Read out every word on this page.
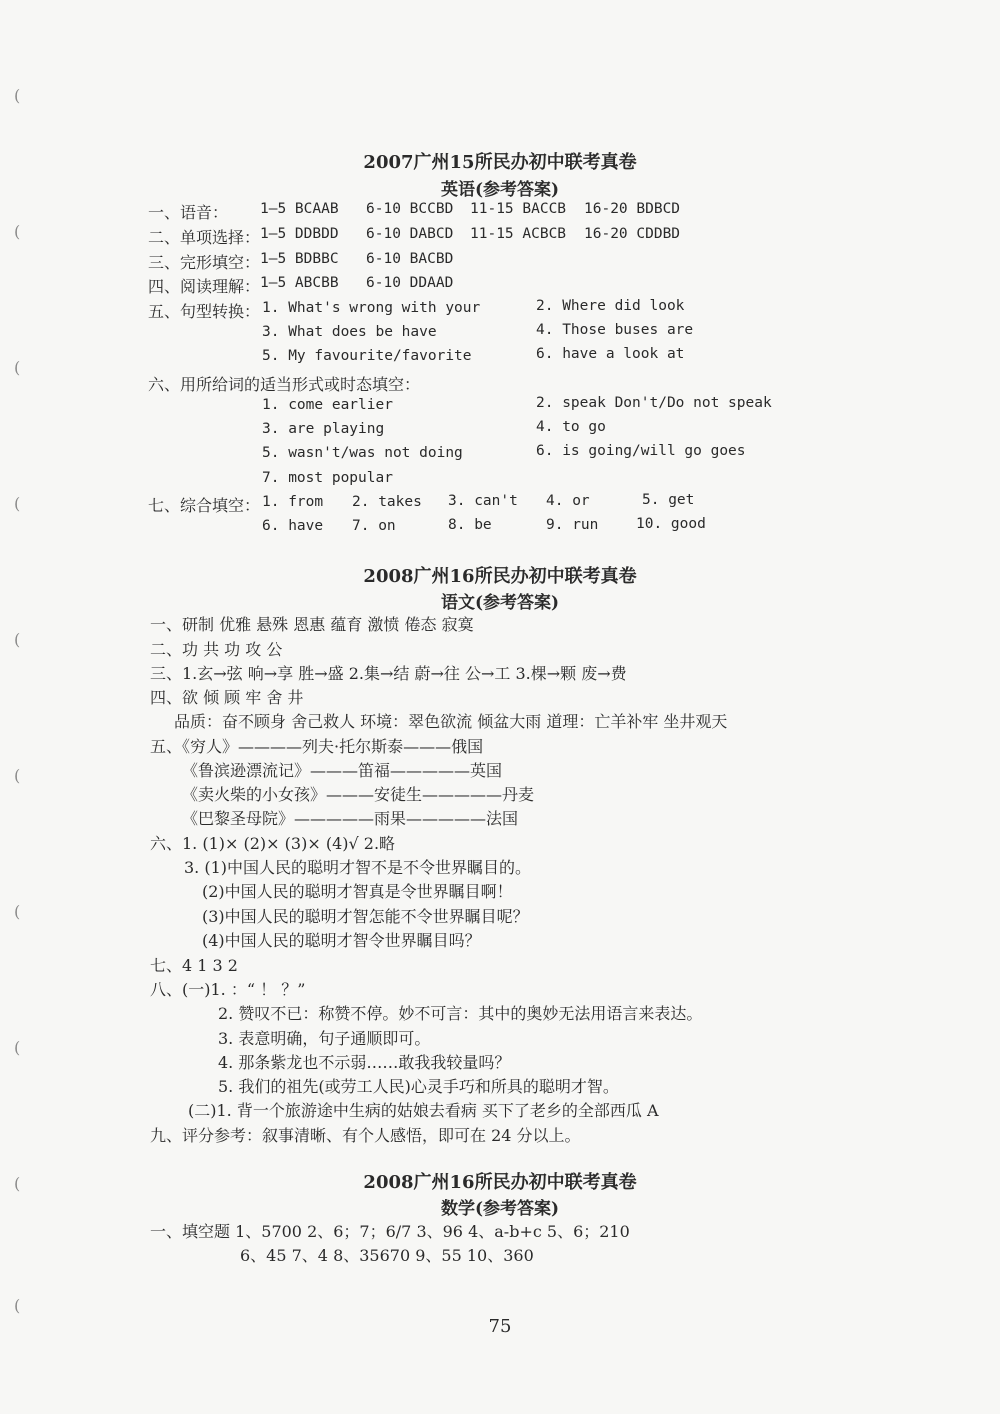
(
(
(
(
(
(
(
(
(
(
2007广州15所民办初中联考真卷
英语(参考答案)
一、语音： 1—5 BCAAB 6-10 BCCBD 11-15 BACCB 16-20 BDBCD
二、单项选择： 1—5 DDBDD 6-10 DABCD 11-15 ACBCB 16-20 CDDBD
三、完形填空： 1—5 BDBBC 6-10 BACBD
四、阅读理解： 1—5 ABCBB 6-10 DDAAD
五、句型转换： 1. What's wrong with your	2. Where did look
3. What does be have	4. Those buses are
5. My favourite/favorite	6. have a look at
六、用所给词的适当形式或时态填空：
1. come earlier	2. speak Don't/Do not speak
3. are playing	4. to go
5. wasn't/was not doing	6. is going/will go goes
7. most popular
七、综合填空： 1. from 2. takes 3. can't 4. or	5. get
6. have 7. on	8. be	9. run	10. good
2008广州16所民办初中联考真卷
语文(参考答案)
一、研制 优雅 悬殊 恩惠 蕴育 激愤 倦态 寂寞
二、功 共 功 攻 公
三、1.玄→弦 响→享 胜→盛 2.集→结 蔚→往 公→工 3.棵→颗 废→费
四、欲 倾 顾 牢 舍 井
品质：奋不顾身 舍己救人 环境：翠色欲流 倾盆大雨 道理：亡羊补牢 坐井观天
五、《穷人》————列夫·托尔斯泰———俄国
《鲁滨逊漂流记》———笛福—————英国
《卖火柴的小女孩》———安徒生—————丹麦
《巴黎圣母院》—————雨果—————法国
六、1. (1)× (2)× (3)× (4)√ 2.略
3. (1)中国人民的聪明才智不是不令世界瞩目的。
(2)中国人民的聪明才智真是令世界瞩目啊！
(3)中国人民的聪明才智怎能不令世界瞩目呢？
(4)中国人民的聪明才智令世界瞩目吗？
七、4 1 3 2
八、(一)1. ：“ ！ ？”
2. 赞叹不已：称赞不停。妙不可言：其中的奥妙无法用语言来表达。
3. 表意明确，句子通顺即可。
4. 那条紫龙也不示弱……敢我我较量吗？
5. 我们的祖先(或劳工人民)心灵手巧和所具的聪明才智。
(二)1. 背一个旅游途中生病的姑娘去看病 买下了老乡的全部西瓜 A
九、评分参考：叙事清晰、有个人感悟，即可在 24 分以上。
2008广州16所民办初中联考真卷
数学(参考答案)
一、填空题 1、5700 2、6；7；6/7 3、96 4、a-b+c 5、6；210
6、45 7、4 8、35670 9、55 10、360
75
